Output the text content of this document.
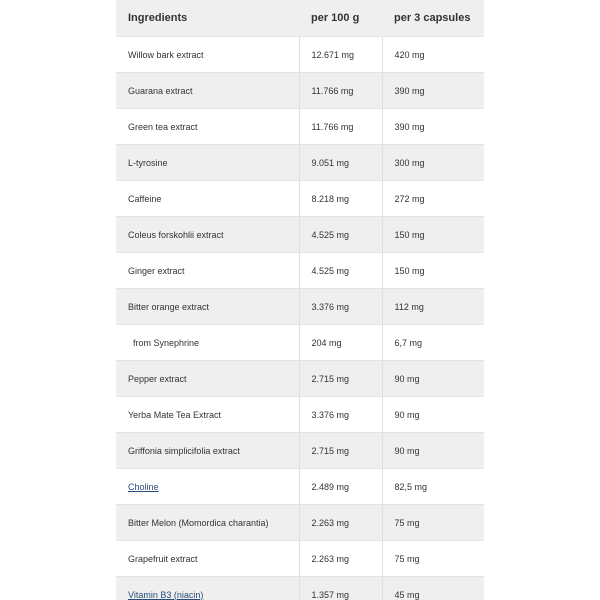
Ingredients	per 100 g	per 3 capsules
Willow bark extract	12.671 mg	420 mg
Guarana extract	11.766 mg	390 mg
Green tea extract	11.766 mg	390 mg
L-tyrosine	9.051 mg	300 mg
Caffeine	8.218 mg	272 mg
Coleus forskohlii extract	4.525 mg	150 mg
Ginger extract	4.525 mg	150 mg
Bitter orange extract	3.376 mg	112 mg
from Synephrine	204 mg	6,7 mg
Pepper extract	2.715 mg	90 mg
Yerba Mate Tea Extract	3.376 mg	90 mg
Griffonia simplicifolia extract	2.715 mg	90 mg
Choline	2.489 mg	82,5 mg
Bitter Melon (Momordica charantia)	2.263 mg	75 mg
Grapefruit extract	2.263 mg	75 mg
Vitamin B3 (niacin)	1.357 mg	45 mg
